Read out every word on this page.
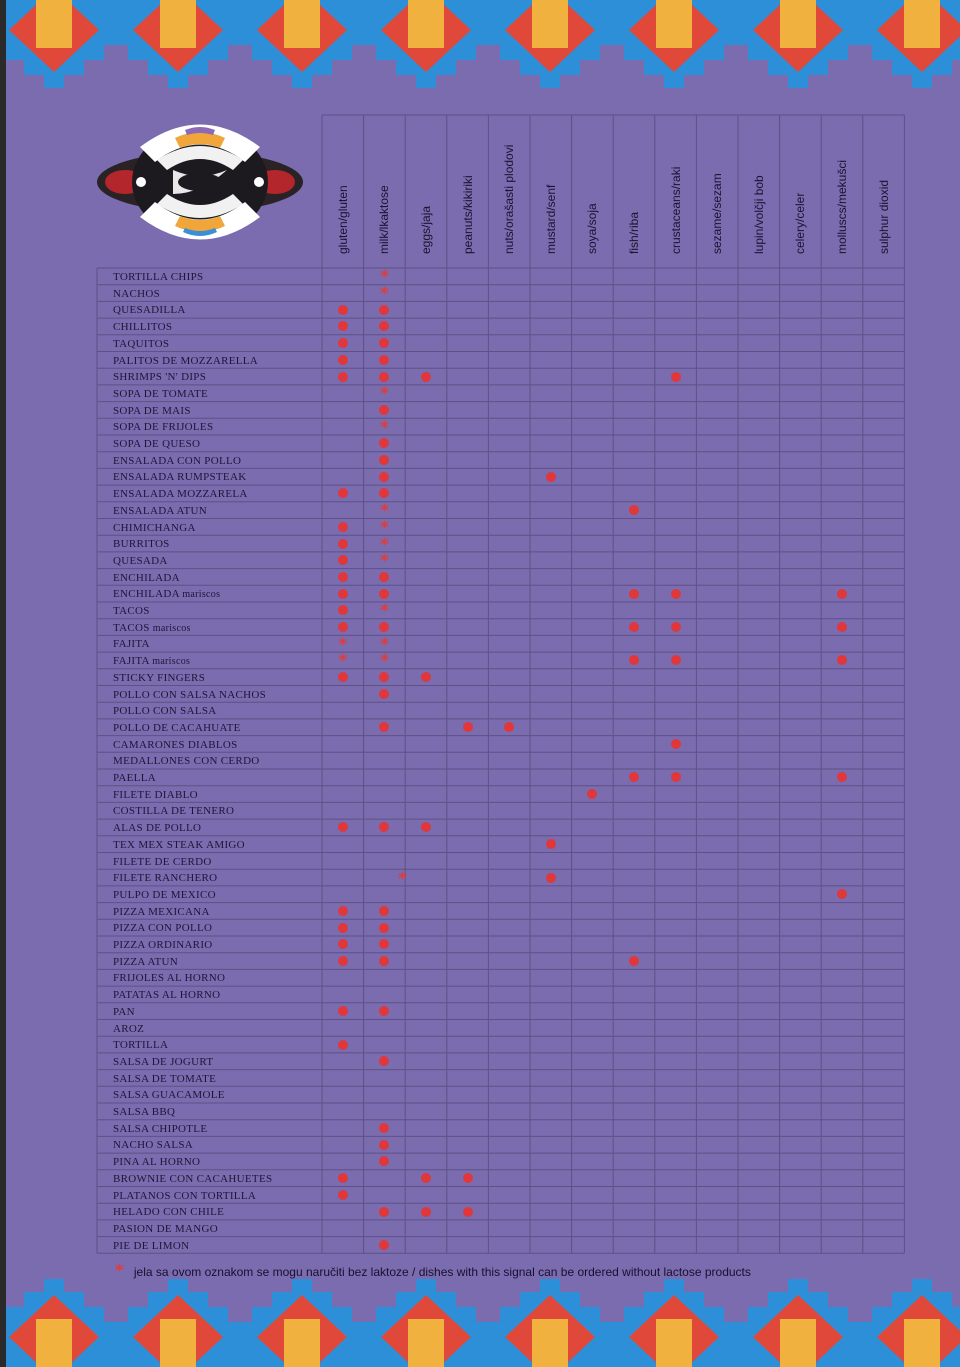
gluten/gluten milk/lkaktose eggs/jaja peanuts/kikiriki nuts/orašasti plodovi mustard/senf soya/soja fish/riba crustaceans/raki sezame/sezam lupin/volčji bob celery/celer molluscs/mekušci sulphur dioxid
TORTILLA CHIPS
NACHOS
QUESADILLA
CHILLITOS
TAQUITOS
PALITOS DE MOZZARELLA
SHRIMPS 'N' DIPS
SOPA DE TOMATE
SOPA DE MAIS
SOPA DE FRIJOLES
SOPA DE QUESO
ENSALADA CON POLLO
ENSALADA RUMPSTEAK
ENSALADA MOZZARELA
ENSALADA ATUN
CHIMICHANGA
BURRITOS
QUESADA
ENCHILADA
ENCHILADA mariscos
TACOS
TACOS mariscos
FAJITA
FAJITA mariscos
STICKY FINGERS
POLLO CON SALSA NACHOS
POLLO CON SALSA
POLLO DE CACAHUATE
CAMARONES DIABLOS
MEDALLONES CON CERDO
PAELLA
FILETE DIABLO
COSTILLA DE TENERO
ALAS DE POLLO
TEX MEX STEAK AMIGO
FILETE DE CERDO
FILETE RANCHERO
PULPO DE MEXICO
PIZZA MEXICANA
PIZZA CON POLLO
PIZZA ORDINARIO
PIZZA ATUN
FRIJOLES AL HORNO
PATATAS AL HORNO
PAN
AROZ
TORTILLA
SALSA DE JOGURT
SALSA DE TOMATE
SALSA GUACAMOLE
SALSA BBQ
SALSA CHIPOTLE
NACHO SALSA
PINA AL HORNO
BROWNIE CON CACAHUETES
PLATANOS CON TORTILLA
HELADO CON CHILE
PASION DE MANGO
PIE DE LIMON
*
*
*
*
*
*
*
*
*
* *
* *
*
* jela sa ovom oznakom se mogu naručiti bez laktoze / dishes with this signal can be ordered without lactose products
